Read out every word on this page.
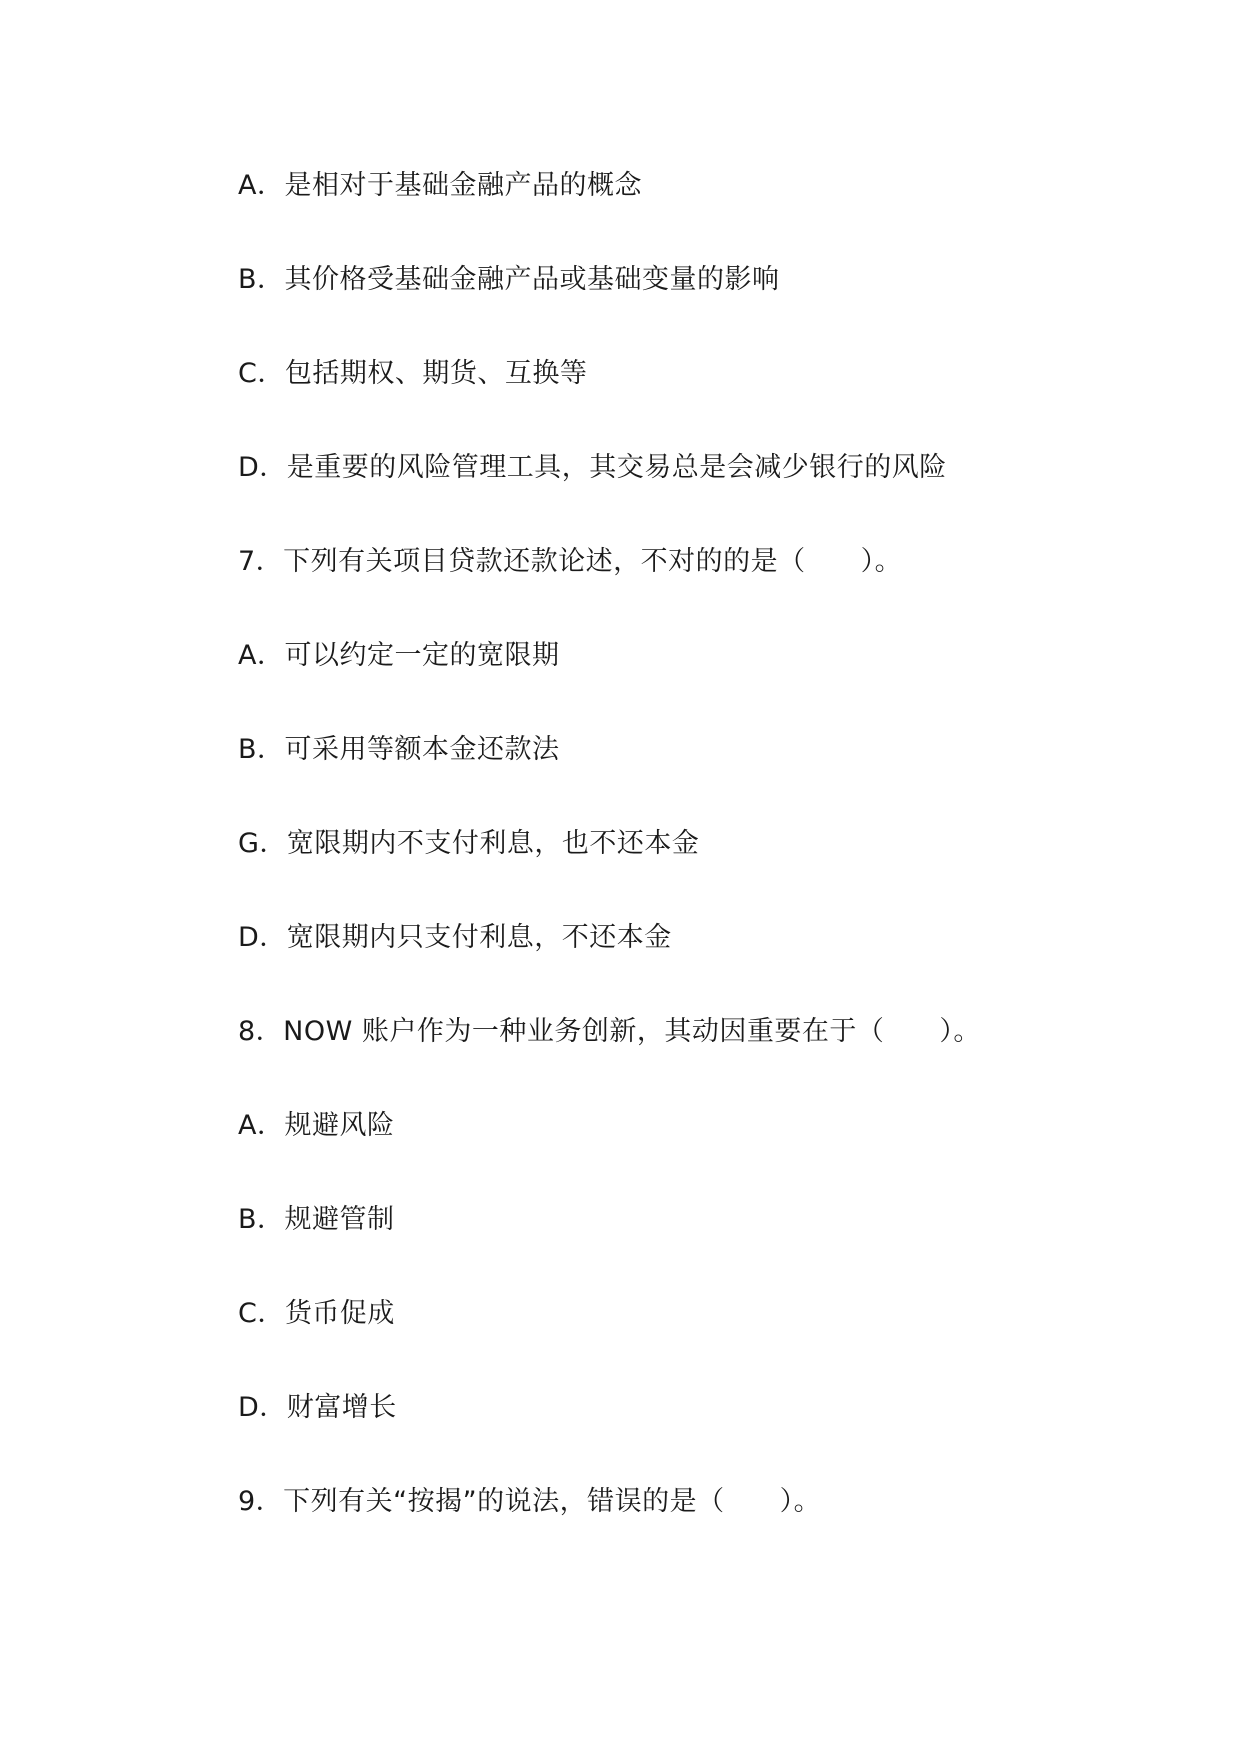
A．是相对于基础金融产品的概念
B．其价格受基础金融产品或基础变量的影响
C．包括期权、期货、互换等
D．是重要的风险管理工具，其交易总是会减少银行的风险
7．下列有关项目贷款还款论述，不对的的是（　　）。
A．可以约定一定的宽限期
B．可采用等额本金还款法
G．宽限期内不支付利息，也不还本金
D．宽限期内只支付利息，不还本金
8．NOW 账户作为一种业务创新，其动因重要在于（　　）。
A．规避风险
B．规避管制
C．货币促成
D．财富增长
9．下列有关“按揭”的说法，错误的是（　　）。
